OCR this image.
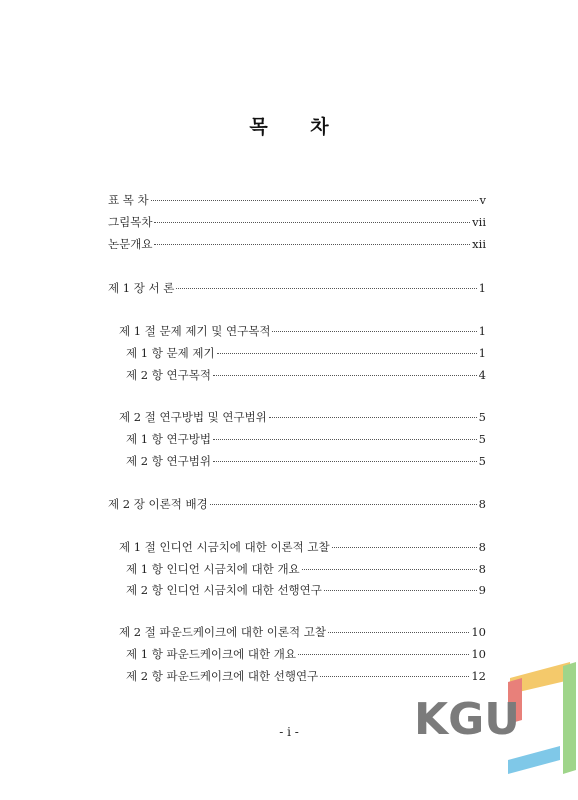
목 차
표 목 차	v
그림목차	vii
논문개요	xii
제 1 장 서 론	1
제 1 절 문제 제기 및 연구목적	1
제 1 항 문제 제기	1
제 2 항 연구목적	4
제 2 절 연구방법 및 연구범위	5
제 1 항 연구방법	5
제 2 항 연구범위	5
제 2 장 이론적 배경	8
제 1 절 인디언 시금치에 대한 이론적 고찰	8
제 1 항 인디언 시금치에 대한 개요	8
제 2 항 인디언 시금치에 대한 선행연구	9
제 2 절 파운드케이크에 대한 이론적 고찰	10
제 1 항 파운드케이크에 대한 개요	10
제 2 항 파운드케이크에 대한 선행연구	12
- i -	KGU
